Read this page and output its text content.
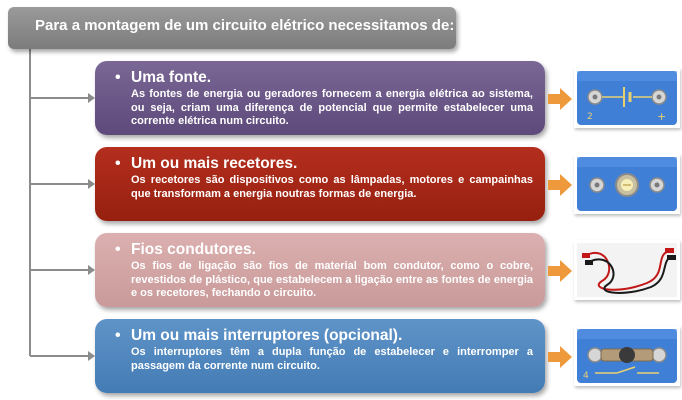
Para a montagem de um circuito elétrico necessitamos de:
• Uma fonte.
As fontes de energia ou geradores fornecem a energia elétrica ao sistema, ou seja, criam uma diferença de potencial que permite estabelecer uma corrente elétrica num circuito.
• Um ou mais recetores.
Os recetores são dispositivos como as lâmpadas, motores e campainhas que transformam a energia noutras formas de energia.
• Fios condutores.
Os fios de ligação são fios de material bom condutor, como o cobre, revestidos de plástico, que estabelecem a ligação entre as fontes de energia e os recetores, fechando o circuito.
• Um ou mais interruptores (opcional).
Os interruptores têm a dupla função de estabelecer e interromper a passagem da corrente num circuito.
2	+
4
